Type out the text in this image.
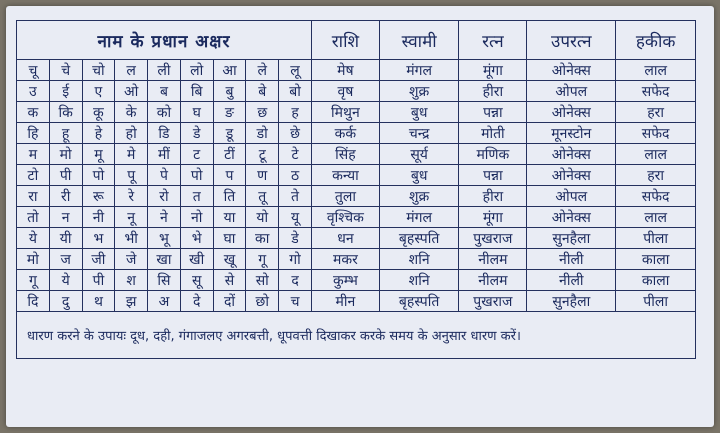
नाम के प्रधान अक्षर									राशि	स्वामी	रत्न	उपरत्न	हकीक
चू	चे	चो	ल	ली	लो	आ	ले	लू	मेष	मंगल	मूंगा	ओनेक्स	लाल
उ	ई	ए	ओ	ब	बि	बु	बे	बो	वृष	शुक्र	हीरा	ओपल	सफेद
क	कि	कू	के	को	घ	ङ	छ	ह	मिथुन	बुध	पन्ना	ओनेक्स	हरा
हि	हू	हे	हो	डि	डे	डू	डो	छे	कर्क	चन्द्र	मोती	मूनस्टोन	सफेद
म	मो	मू	मे	मीं	ट	टीं	टू	टे	सिंह	सूर्य	मणिक	ओनेक्स	लाल
टो	पी	पो	पू	पे	पो	प	ण	ठ	कन्या	बुध	पन्ना	ओनेक्स	हरा
रा	री	रू	रे	रो	त	ति	तू	ते	तुला	शुक्र	हीरा	ओपल	सफेद
तो	न	नी	नू	ने	नो	या	यो	यू	वृश्चिक	मंगल	मूंगा	ओनेक्स	लाल
ये	यी	भ	भी	भू	भे	घा	का	डे	धन	बृहस्पति	पुखराज	सुनहैला	पीला
मो	ज	जी	जे	खा	खी	खू	गू	गो	मकर	शनि	नीलम	नीली	काला
गू	ये	पी	श	सि	सू	से	सो	द	कुम्भ	शनि	नीलम	नीली	काला
दि	दु	थ	झ	अ	दे	दों	छो	च	मीन	बृहस्पति	पुखराज	सुनहैला	पीला
धारण करने के उपायः दूध, दही, गंगाजलए अगरबत्ती, धूपवत्ती दिखाकर करके समय के अनुसार धारण करें।													
